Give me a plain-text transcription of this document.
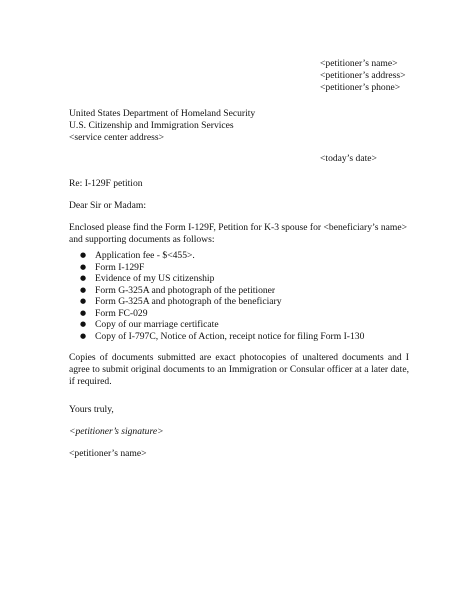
<petitioner’s name>
<petitioner’s address>
<petitioner’s phone>
United States Department of Homeland Security
U.S. Citizenship and Immigration Services
<service center address>
<today’s date>

Re: I-129F petition

Dear Sir or Madam:

Enclosed please find the Form I-129F, Petition for K-3 spouse for <beneficiary’s name> and supporting documents as follows:

● Application fee - $<455>.
● Form I-129F
● Evidence of my US citizenship
● Form G-325A and photograph of the petitioner
● Form G-325A and photograph of the beneficiary
● Form FC-029
● Copy of our marriage certificate
● Copy of I-797C, Notice of Action, receipt notice for filing Form I-130

Copies of documents submitted are exact photocopies of unaltered documents and I agree to submit original documents to an Immigration or Consular officer at a later date, if required.

Yours truly,

<petitioner’s signature>

<petitioner’s name>
